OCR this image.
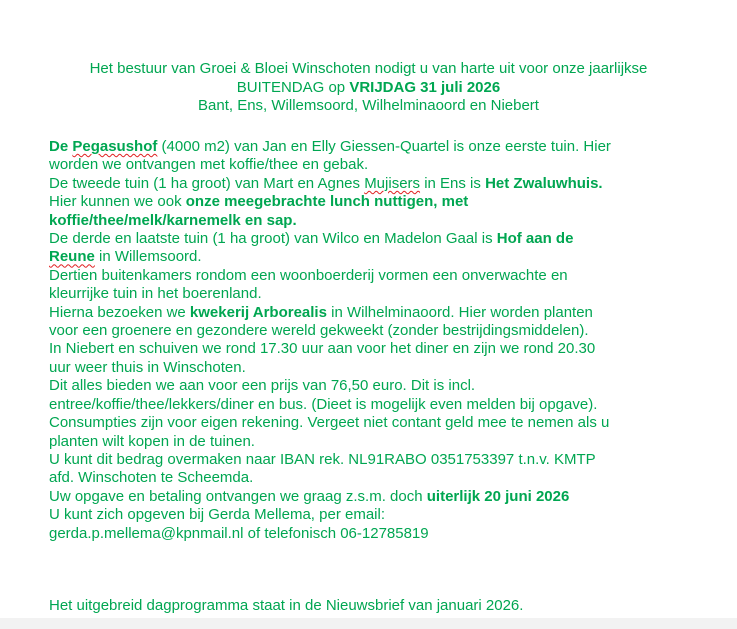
Het bestuur van Groei & Bloei Winschoten nodigt u van harte uit voor onze jaarlijkse
BUITENDAG op VRIJDAG 31 juli 2026
Bant, Ens, Willemsoord, Wilhelminaoord en Niebert
De Pegasushof (4000 m2) van Jan en Elly Giessen-Quartel is onze eerste tuin. Hier
worden we ontvangen met koffie/thee en gebak.
De tweede tuin (1 ha groot) van Mart en Agnes Mujisers in Ens is Het Zwaluwhuis.
Hier kunnen we ook onze meegebrachte lunch nuttigen, met
koffie/thee/melk/karnemelk en sap.
De derde en laatste tuin (1 ha groot) van Wilco en Madelon Gaal is Hof aan de
Reune in Willemsoord.
Dertien buitenkamers rondom een woonboerderij vormen een onverwachte en
kleurrijke tuin in het boerenland.
Hierna bezoeken we kwekerij Arborealis in Wilhelminaoord. Hier worden planten
voor een groenere en gezondere wereld gekweekt (zonder bestrijdingsmiddelen).
In Niebert en schuiven we rond 17.30 uur aan voor het diner en zijn we rond 20.30
uur weer thuis in Winschoten.
Dit alles bieden we aan voor een prijs van 76,50 euro. Dit is incl.
entree/koffie/thee/lekkers/diner en bus. (Dieet is mogelijk even melden bij opgave).
Consumpties zijn voor eigen rekening. Vergeet niet contant geld mee te nemen als u
planten wilt kopen in de tuinen.
U kunt dit bedrag overmaken naar IBAN rek. NL91RABO 0351753397 t.n.v. KMTP
afd. Winschoten te Scheemda.
Uw opgave en betaling ontvangen we graag z.s.m. doch uiterlijk 20 juni 2026
U kunt zich opgeven bij Gerda Mellema, per email:
gerda.p.mellema@kpnmail.nl of telefonisch 06-12785819
Het uitgebreid dagprogramma staat in de Nieuwsbrief van januari 2026.
